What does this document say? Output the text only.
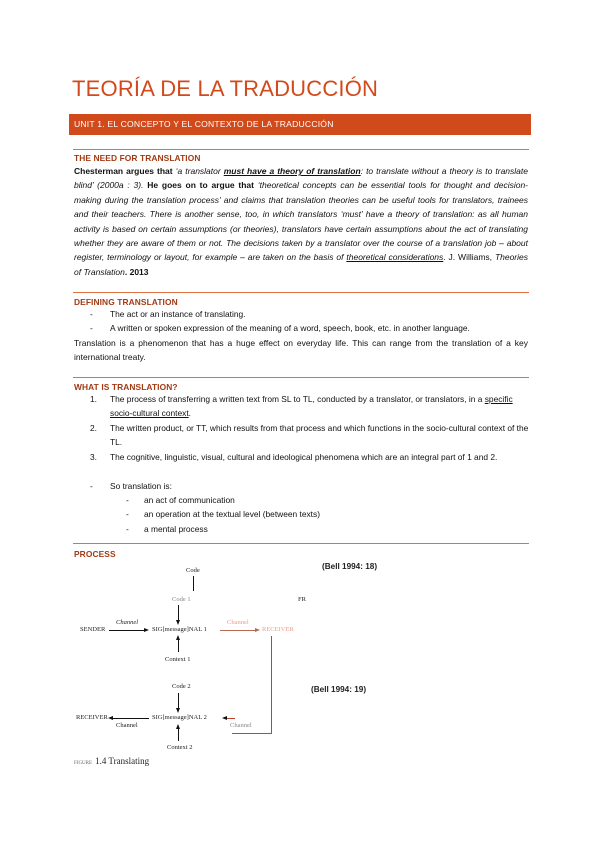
TEORÍA DE LA TRADUCCIÓN
UNIT 1. EL CONCEPTO Y EL CONTEXTO DE LA TRADUCCIÓN
THE NEED FOR TRANSLATION

Chesterman argues that ‘a translator must have a theory of translation: to translate without a theory is to translate blind’ (2000a : 3). He goes on to argue that ‘theoretical concepts can be essential tools for thought and decision-making during the translation process’ and claims that translation theories can be useful tools for translators, trainees and their teachers. There is another sense, too, in which translators ‘must’ have a theory of translation: as all human activity is based on certain assumptions (or theories), translators have certain assumptions about the act of translating whether they are aware of them or not. The decisions taken by a translator over the course of a translation job – about register, terminology or layout, for example – are taken on the basis of theoretical considerations. J. Williams, Theories of Translation. 2013

DEFINING TRANSLATION
- The act or an instance of translating.
- A written or spoken expression of the meaning of a word, speech, book, etc. in another language.

Translation is a phenomenon that has a huge effect on everyday life. This can range from the translation of a key international treaty.

WHAT IS TRANSLATION?
1. The process of transferring a written text from SL to TL, conducted by a translator, or translators, in a specific socio-cultural context.
2. The written product, or TT, which results from that process and which functions in the socio-cultural context of the TL.
3. The cognitive, linguistic, visual, cultural and ideological phenomena which are an integral part of 1 and 2.
- So translation is:
- an act of communication
- an operation at the textual level (between texts)
- a mental process
PROCESS
(Bell 1994: 18)
(Bell 1994: 19)
Code
Code 1	FR
SENDER
Channel
SIG[message]NAL 1
Channel
RECEIVER
Context 1
Code 2
RECEIVER
Channel
SIG[message]NAL 2
Channel
Context 2
FIGURE 1.4 Translating
